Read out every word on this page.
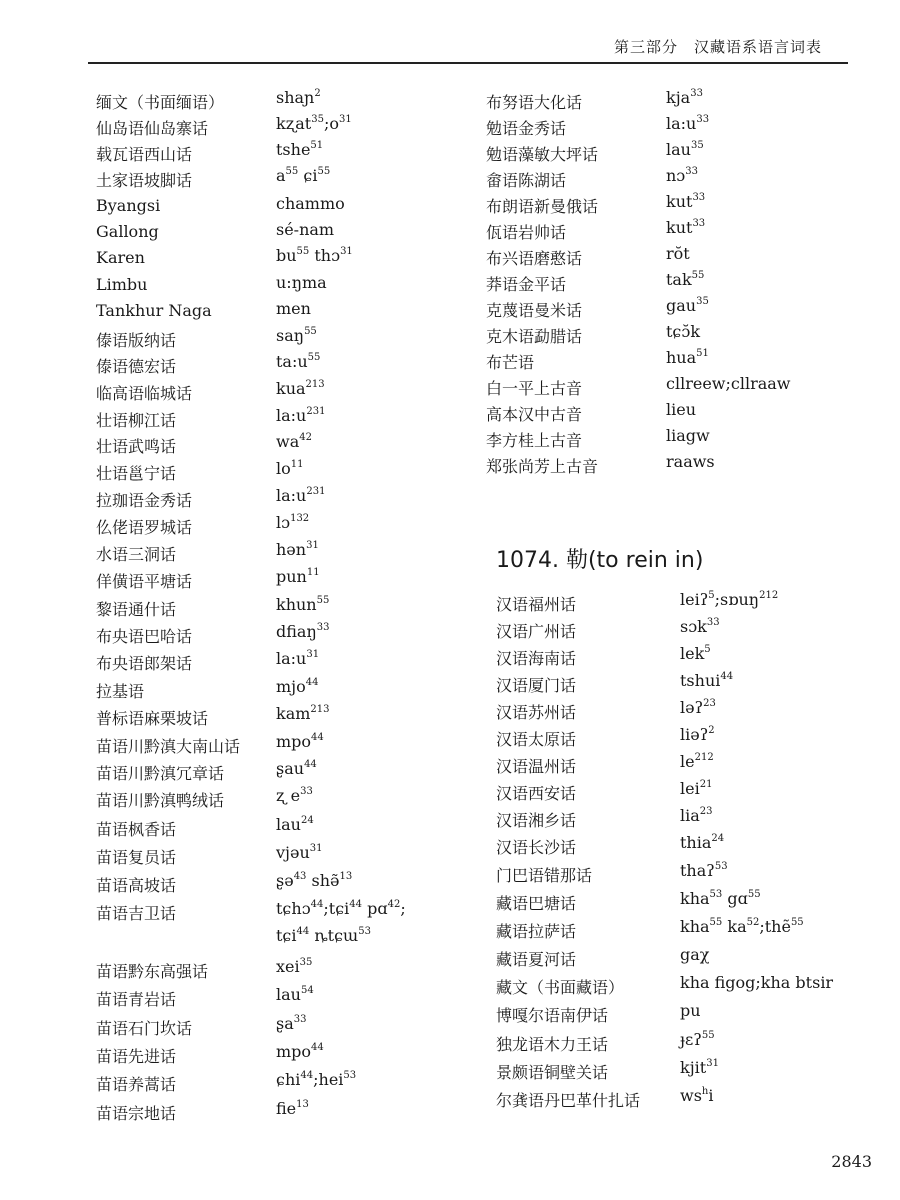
第三部分　汉藏语系语言词表
缅文（书面缅语）	shaɲ$^2$
仙岛语仙岛寨话	$kʐat^{35};o^{31}$
载瓦语西山话	tshe$^{51}$
土家语坡脚话	$a^{55}$ ɕi$^{55}$
Byangsi	chammo
Gallong	sé-nam
Karen	$bu^{55}$ thɔ$^{31}$
Limbu	u:ŋma
Tankhur Naga	men
傣语版纳话	saŋ$^{55}$
傣语德宏话	$ta:u^{55}$
临高语临城话	kua$^{213}$
壮语柳江话	$la:u^{231}$
壮语武鸣话	$wa^{42}$
壮语邕宁话	$lo^{11}$
拉珈语金秀话	$la:u^{231}$
仫佬语罗城话	lɔ$^{132}$
水语三洞话	hən$^{31}$
佯僙语平塘话	pun$^{11}$
黎语通什话	khun$^{55}$
布央语巴哈话	dfiaŋ$^{33}$
布央语郎架话	$la:u^{31}$
拉基语	mjo$^{44}$
普标语麻栗坡话	kam$^{213}$
苗语川黔滇大南山话 mpo$^{44}$
苗语川黔滇冗章话	ʂau$^{44}$
苗语川黔滇鸭绒话	ʐ $e^{33}$
苗语枫香话	lau$^{24}$
苗语复员话	vjəu$^{31}$
苗语高坡话	ʂə$^{43}$ shə̃$^{13}$
苗语吉卫话	tɕhɔ$^{44}$;tɕi$^{44}$ pɑ$^{42}$;
tɕi$^{44}$ ȵtɕɯ$^{53}$
苗语黔东高强话	xei$^{35}$
苗语青岩话	lau$^{54}$
苗语石门坎话	ʂa$^{33}$
苗语先进话	mpo$^{44}$
苗语养蒿话	ɕhi$^{44}$;hei$^{53}$
苗语宗地话	fie$^{13}$
布努语大化话	kja$^{33}$
勉语金秀话	$la:u^{33}$
勉语藻敏大坪话	lau$^{35}$
畲语陈湖话	nɔ$^{33}$
布朗语新曼俄话	kut$^{33}$
佤语岩帅话	kut$^{33}$
布兴语磨憨话	rŏt
莽语金平话	tak$^{55}$
克蔑语曼米话	gau$^{35}$
克木语勐腊话	tɕɔ̆k
布芒语	hua$^{51}$
白一平上古音	cllreew;cllraaw
高本汉中古音	lieu
李方桂上古音	liagw
郑张尚芳上古音	raaws
1074. 勒(to rein in)
汉语福州话	leiʔ$^5$;sɒuŋ$^{212}$
汉语广州话	sɔk$^{33}$
汉语海南话	lek$^5$
汉语厦门话	tshui$^{44}$
汉语苏州话	ləʔ$^{23}$
汉语太原话	liəʔ$^2$
汉语温州话	$le^{212}$
汉语西安话	lei$^{21}$
汉语湘乡话	lia$^{23}$
汉语长沙话	thia$^{24}$
门巴语错那话	thaʔ$^{53}$
藏语巴塘话	kha$^{53}$ gɑ$^{55}$
藏语拉萨话	kha$^{55}$ $ka^{52};thẽ^{55}$
藏语夏河话	gaχ
藏文（书面藏语）	kha figog;kha btsir
博嘎尔语南伊话	pu
独龙语木力王话	ɟɛʔ$^{55}$
景颇语铜壁关话	kjit$^{31}$
尔龚语丹巴革什扎话 $ws^hi$
2843
